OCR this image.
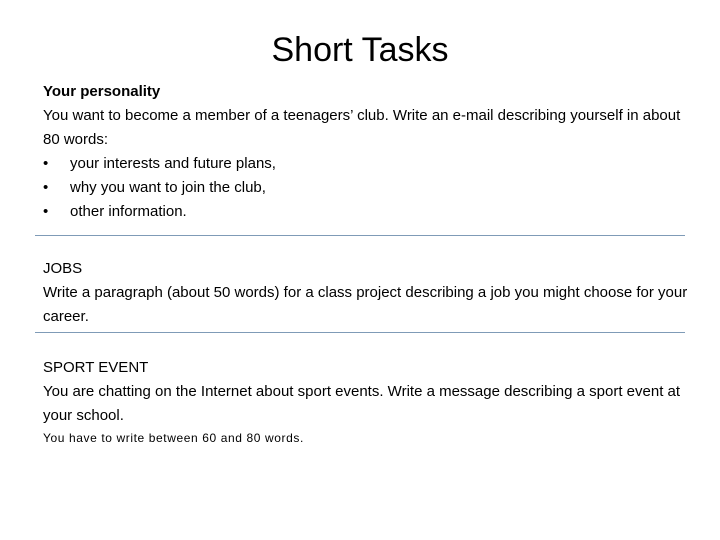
Short Tasks

Your personality

You want to become a member of a teenagers’ club. Write an e-mail describing yourself in about 80 words:

•	your interests and future plans,
•	why you want to join the club,
•	other information.

JOBS

Write a paragraph (about 50 words) for a class project describing a job you might choose for your career.

SPORT EVENT

You are chatting on the Internet about sport events. Write a message describing a sport event at your school.

You have to write between 60 and 80 words.
